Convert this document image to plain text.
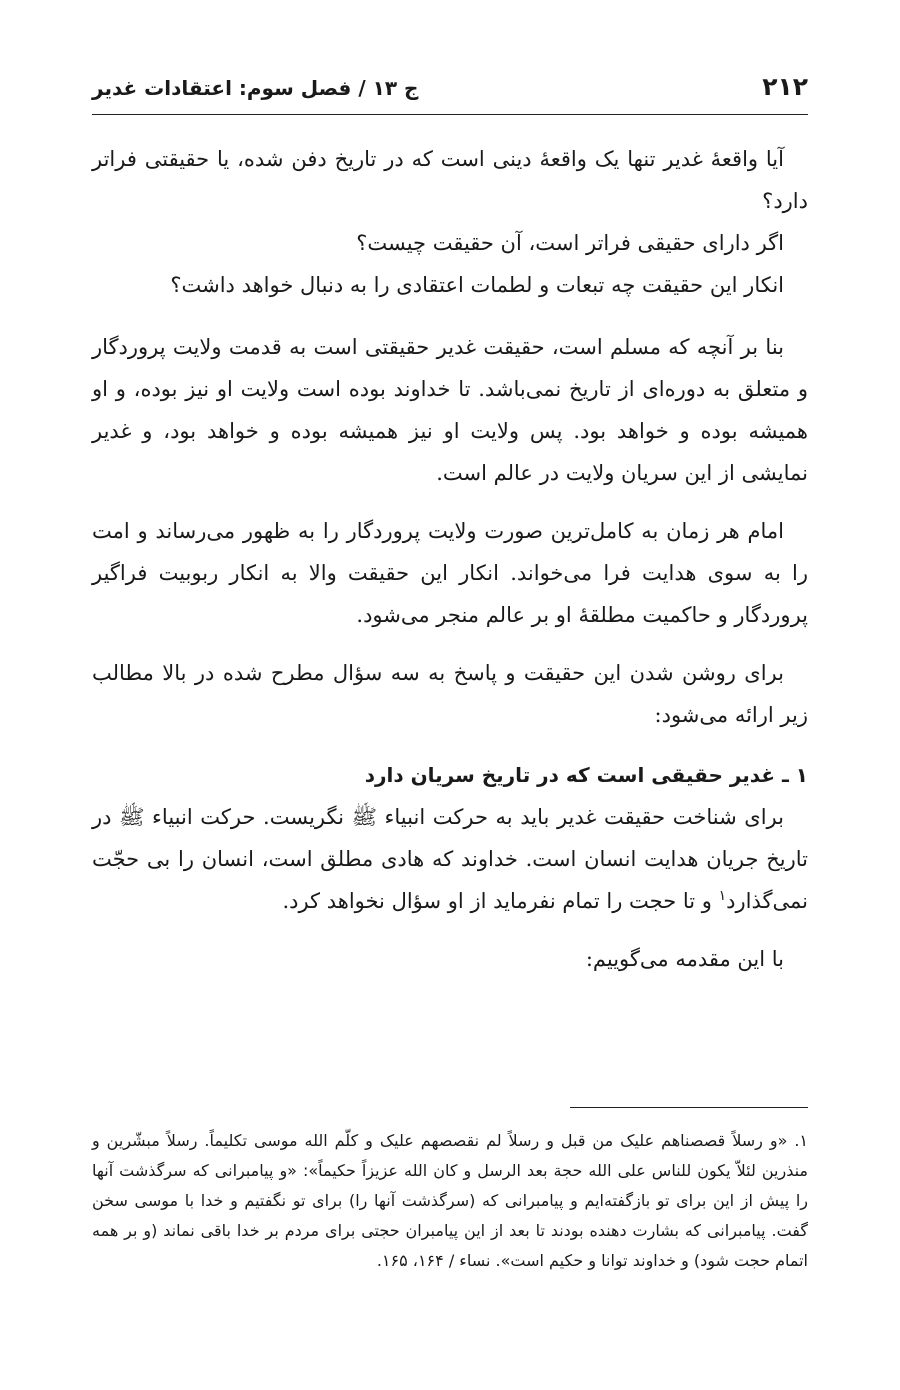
۲۱۲
ج ۱۳ / فصل سوم: اعتقادات غدیر

آیا واقعۀ غدیر تنها یک واقعۀ دینی است که در تاریخ دفن شده، یا حقیقتی فراتر دارد؟

اگر دارای حقیقی فراتر است، آن حقیقت چیست؟

انکار این حقیقت چه تبعات و لطمات اعتقادی را به دنبال خواهد داشت؟

بنا بر آنچه که مسلم است، حقیقت غدیر حقیقتی است به قدمت ولایت پروردگار و متعلق به دوره‌ای از تاریخ نمی‌باشد. تا خداوند بوده است ولایت او نیز بوده، و او همیشه بوده و خواهد بود. پس ولایت او نیز همیشه بوده و خواهد بود، و غدیر نمایشی از این سریان ولایت در عالم است.

امام هر زمان به کامل‌ترین صورت ولایت پروردگار را به ظهور می‌رساند و امت را به سوی هدایت فرا می‌خواند. انکار این حقیقت والا به انکار ربوبیت فراگیر پروردگار و حاکمیت مطلقۀ او بر عالم منجر می‌شود.

برای روشن شدن این حقیقت و پاسخ به سه سؤال مطرح شده در بالا مطالب زیر ارائه می‌شود:

۱ ـ غدیر حقیقی است که در تاریخ سریان دارد

برای شناخت حقیقت غدیر باید به حرکت انبیاء ﷺ نگریست. حرکت انبیاء ﷺ در تاریخ جریان هدایت انسان است. خداوند که هادی مطلق است، انسان را بی حجّت نمی‌گذارد$^۱$ و تا حجت را تمام نفرماید از او سؤال نخواهد کرد.

با این مقدمه می‌گوییم:

۱. «و رسلاً قصصناهم علیک من قبل و رسلاً لم نقصصهم علیک و کلّم الله موسی تکلیماً. رسلاً مبشّرین و منذرین لئلاّ یکون للناس علی الله حجة بعد الرسل و کان الله عزیزاً حکیماً»: «و پیامبرانی که سرگذشت آنها را پیش از این برای تو بازگفته‌ایم و پیامبرانی که (سرگذشت آنها را) برای تو نگفتیم و خدا با موسی سخن گفت. پیامبرانی که بشارت دهنده بودند تا بعد از این پیامبران حجتی برای مردم بر خدا باقی نماند (و بر همه اتمام حجت شود) و خداوند توانا و حکیم است». نساء / ۱۶۴، ۱۶۵.
